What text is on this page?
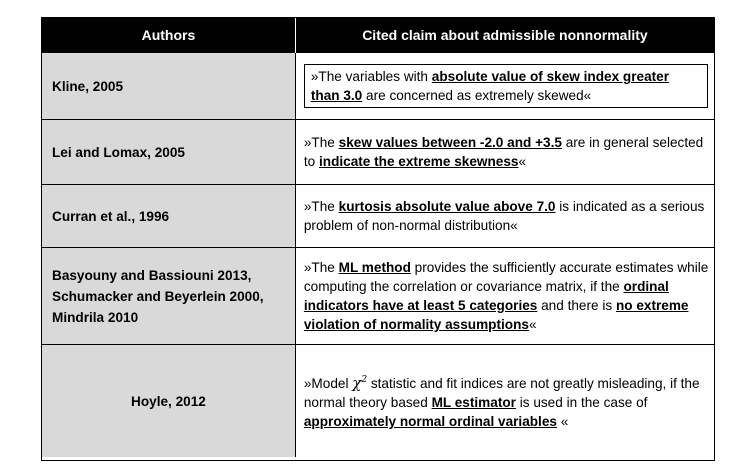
Authors	Cited claim about admissible nonnormality
Kline, 2005	»The variables with absolute value of skew index greater than 3.0 are concerned as extremely skewed«

Lei and Lomax, 2005	»The skew values between -2.0 and +3.5 are in general selected to indicate the extreme skewness«
Curran et al., 1996	»The kurtosis absolute value above 7.0 is indicated as a serious problem of non-normal distribution«
Basyouny and Bassiouni 2013, Schumacker and Beyerlein 2000, Mindrila 2010	»The ML method provides the sufficiently accurate estimates while computing the correlation or covariance matrix, if the ordinal indicators have at least 5 categories and there is no extreme violation of normality assumptions«
Hoyle, 2012	»Model $\chi^2$ statistic and fit indices are not greatly misleading, if the normal theory based ML estimator is used in the case of approximately normal ordinal variables «
